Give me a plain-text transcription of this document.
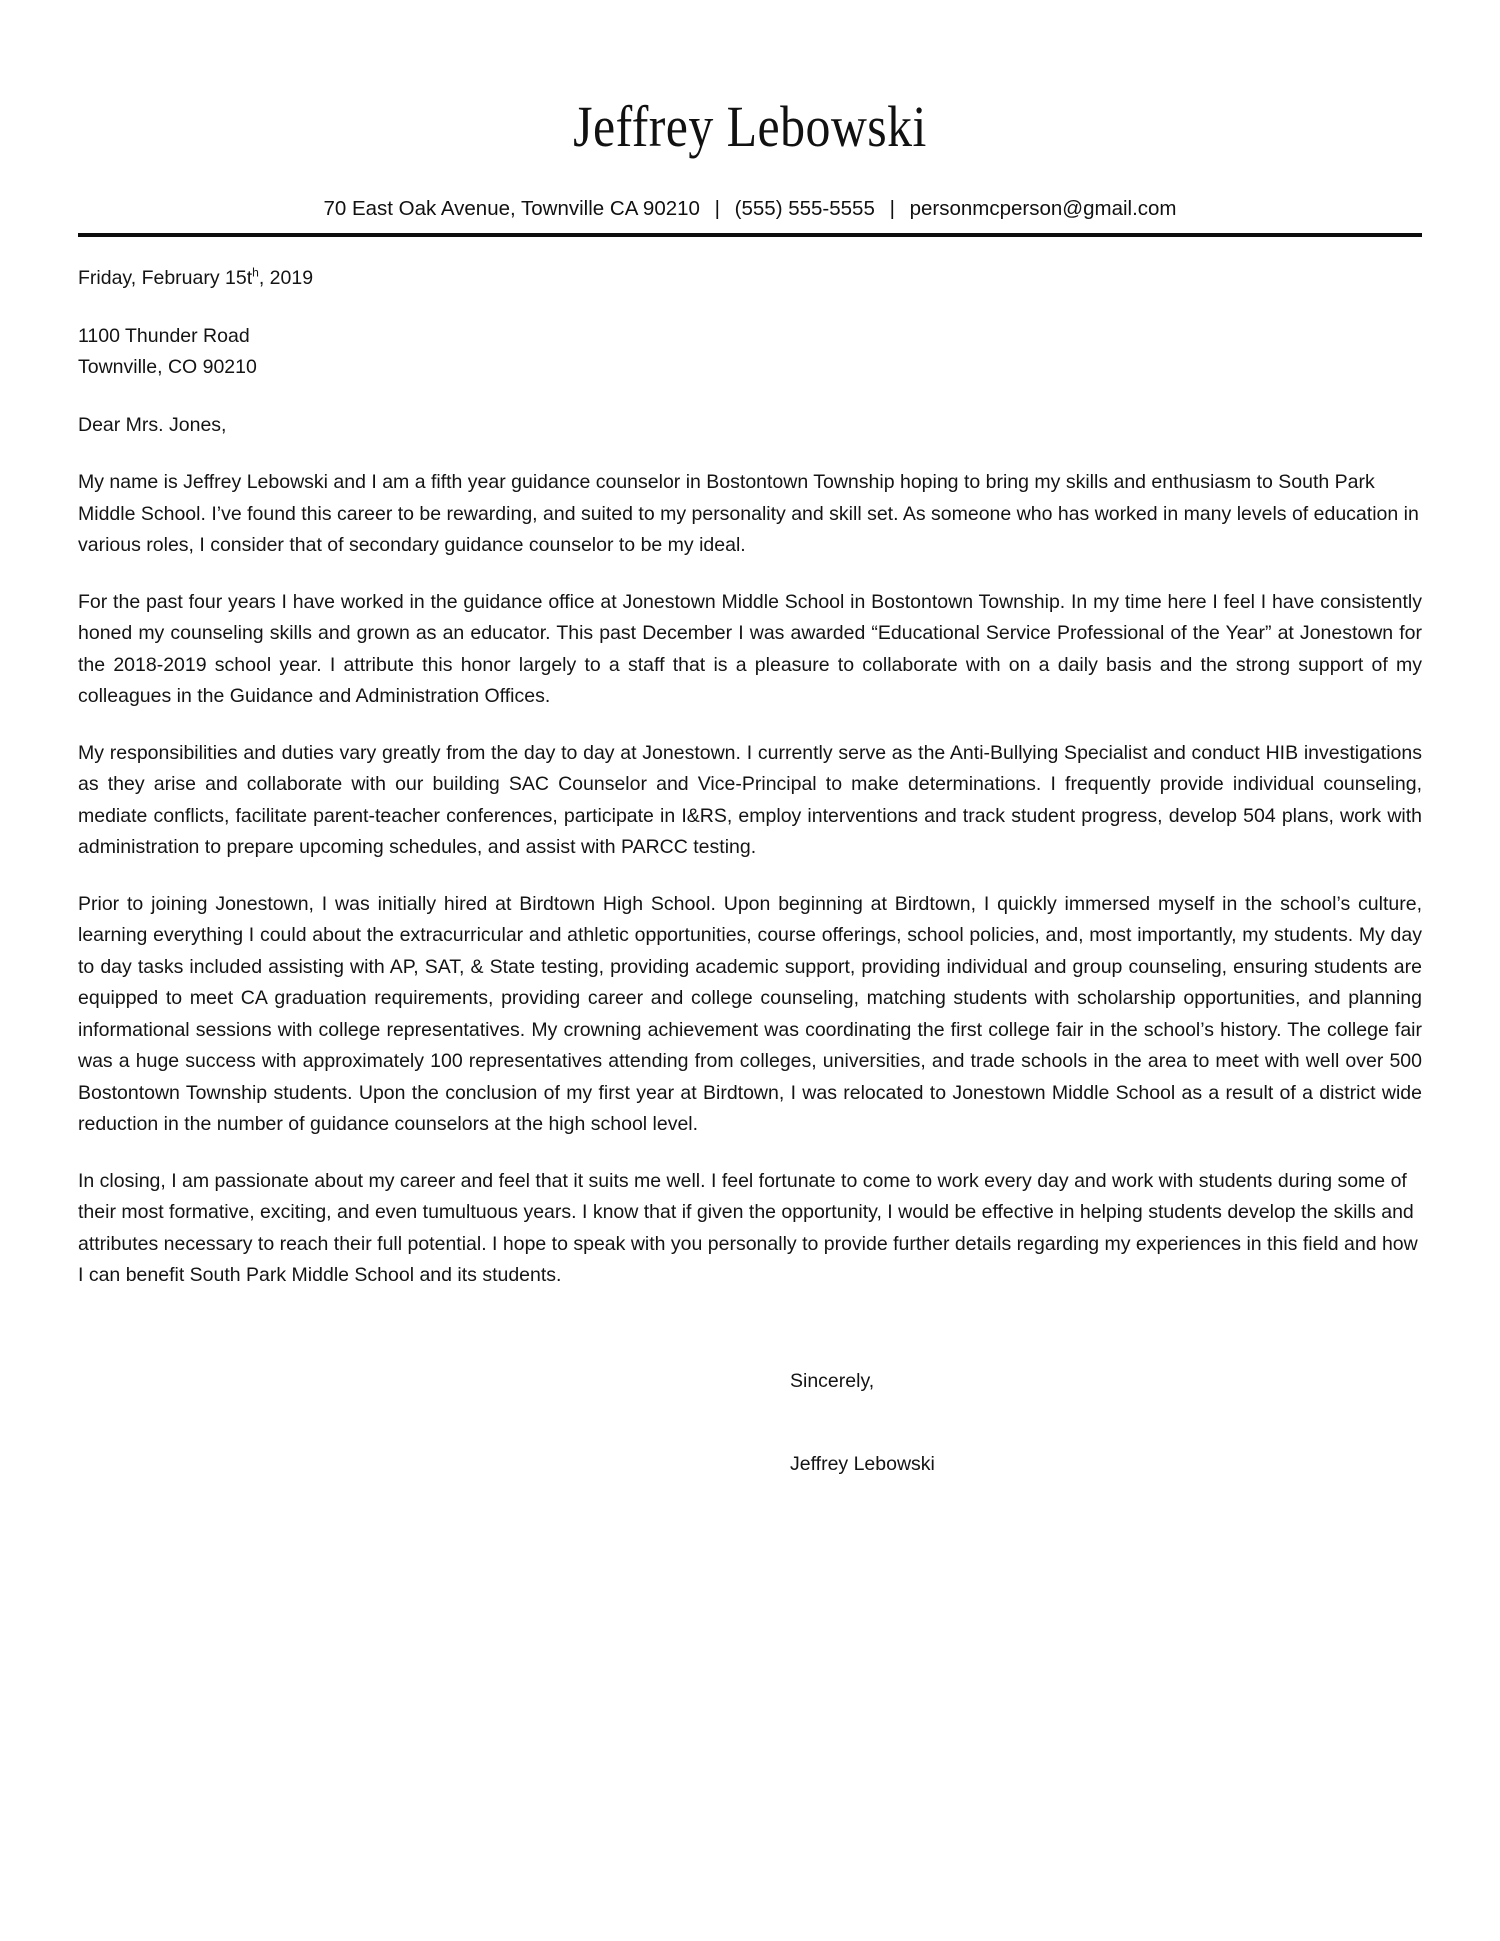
Jeffrey Lebowski
70 East Oak Avenue, Townville CA 90210 | (555) 555-5555 | personmcperson@gmail.com

Friday, February $15t^h$, 2019

1100 Thunder Road
Townville, CO 90210

Dear Mrs. Jones,

My name is Jeffrey Lebowski and I am a fifth year guidance counselor in Bostontown Township hoping to bring my skills and enthusiasm to South Park Middle School. I’ve found this career to be rewarding, and suited to my personality and skill set. As someone who has worked in many levels of education in various roles, I consider that of secondary guidance counselor to be my ideal.

For the past four years I have worked in the guidance office at Jonestown Middle School in Bostontown Township. In my time here I feel I have consistently honed my counseling skills and grown as an educator. This past December I was awarded “Educational Service Professional of the Year” at Jonestown for the 2018-2019 school year. I attribute this honor largely to a staff that is a pleasure to collaborate with on a daily basis and the strong support of my colleagues in the Guidance and Administration Offices.

My responsibilities and duties vary greatly from the day to day at Jonestown. I currently serve as the Anti-Bullying Specialist and conduct HIB investigations as they arise and collaborate with our building SAC Counselor and Vice-Principal to make determinations. I frequently provide individual counseling, mediate conflicts, facilitate parent-teacher conferences, participate in I&RS, employ interventions and track student progress, develop 504 plans, work with administration to prepare upcoming schedules, and assist with PARCC testing.

Prior to joining Jonestown, I was initially hired at Birdtown High School. Upon beginning at Birdtown, I quickly immersed myself in the school’s culture, learning everything I could about the extracurricular and athletic opportunities, course offerings, school policies, and, most importantly, my students. My day to day tasks included assisting with AP, SAT, & State testing, providing academic support, providing individual and group counseling, ensuring students are equipped to meet CA graduation requirements, providing career and college counseling, matching students with scholarship opportunities, and planning informational sessions with college representatives. My crowning achievement was coordinating the first college fair in the school’s history. The college fair was a huge success with approximately 100 representatives attending from colleges, universities, and trade schools in the area to meet with well over 500 Bostontown Township students. Upon the conclusion of my first year at Birdtown, I was relocated to Jonestown Middle School as a result of a district wide reduction in the number of guidance counselors at the high school level.

In closing, I am passionate about my career and feel that it suits me well. I feel fortunate to come to work every day and work with students during some of their most formative, exciting, and even tumultuous years. I know that if given the opportunity, I would be effective in helping students develop the skills and attributes necessary to reach their full potential. I hope to speak with you personally to provide further details regarding my experiences in this field and how I can benefit South Park Middle School and its students.

Sincerely,

Jeffrey Lebowski
